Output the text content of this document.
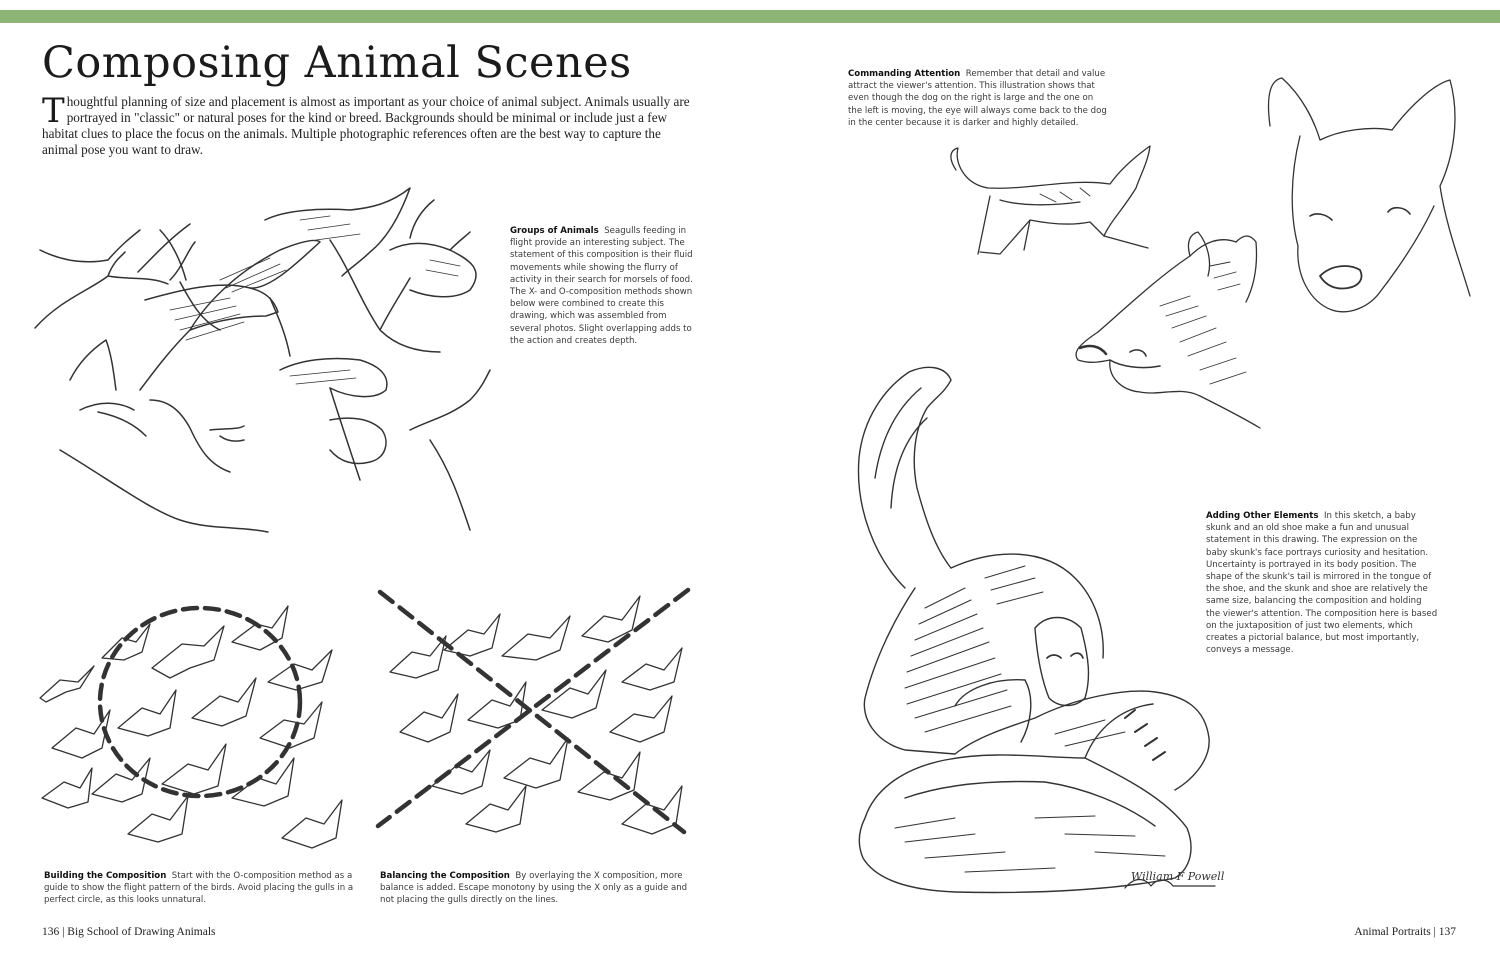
Composing Animal Scenes
Thoughtful planning of size and placement is almost as important as your choice of animal subject. Animals usually are portrayed in "classic" or natural poses for the kind or breed. Backgrounds should be minimal or include just a few habitat clues to place the focus on the animals. Multiple photographic references often are the best way to capture the animal pose you want to draw.
William F Powell

Groups of Animals Seagulls feeding in flight provide an interesting subject. The statement of this composition is their fluid movements while showing the flurry of activity in their search for morsels of food. The X- and O-composition methods shown below were combined to create this drawing, which was assembled from several photos. Slight overlapping adds to the action and creates depth.

Commanding Attention Remember that detail and value attract the viewer's attention. This illustration shows that even though the dog on the right is large and the one on the left is moving, the eye will always come back to the dog in the center because it is darker and highly detailed.

Adding Other Elements In this sketch, a baby skunk and an old shoe make a fun and unusual statement in this drawing. The expression on the baby skunk's face portrays curiosity and hesitation. Uncertainty is portrayed in its body position. The shape of the skunk's tail is mirrored in the tongue of the shoe, and the skunk and shoe are relatively the same size, balancing the composition and holding the viewer's attention. The composition here is based on the juxtaposition of just two elements, which creates a pictorial balance, but most importantly, conveys a message.

Building the Composition Start with the O-composition method as a guide to show the flight pattern of the birds. Avoid placing the gulls in a perfect circle, as this looks unnatural.

Balancing the Composition By overlaying the X composition, more balance is added. Escape monotony by using the X only as a guide and not placing the gulls directly on the lines.

136 | Big School of Drawing Animals	Animal Portraits | 137
